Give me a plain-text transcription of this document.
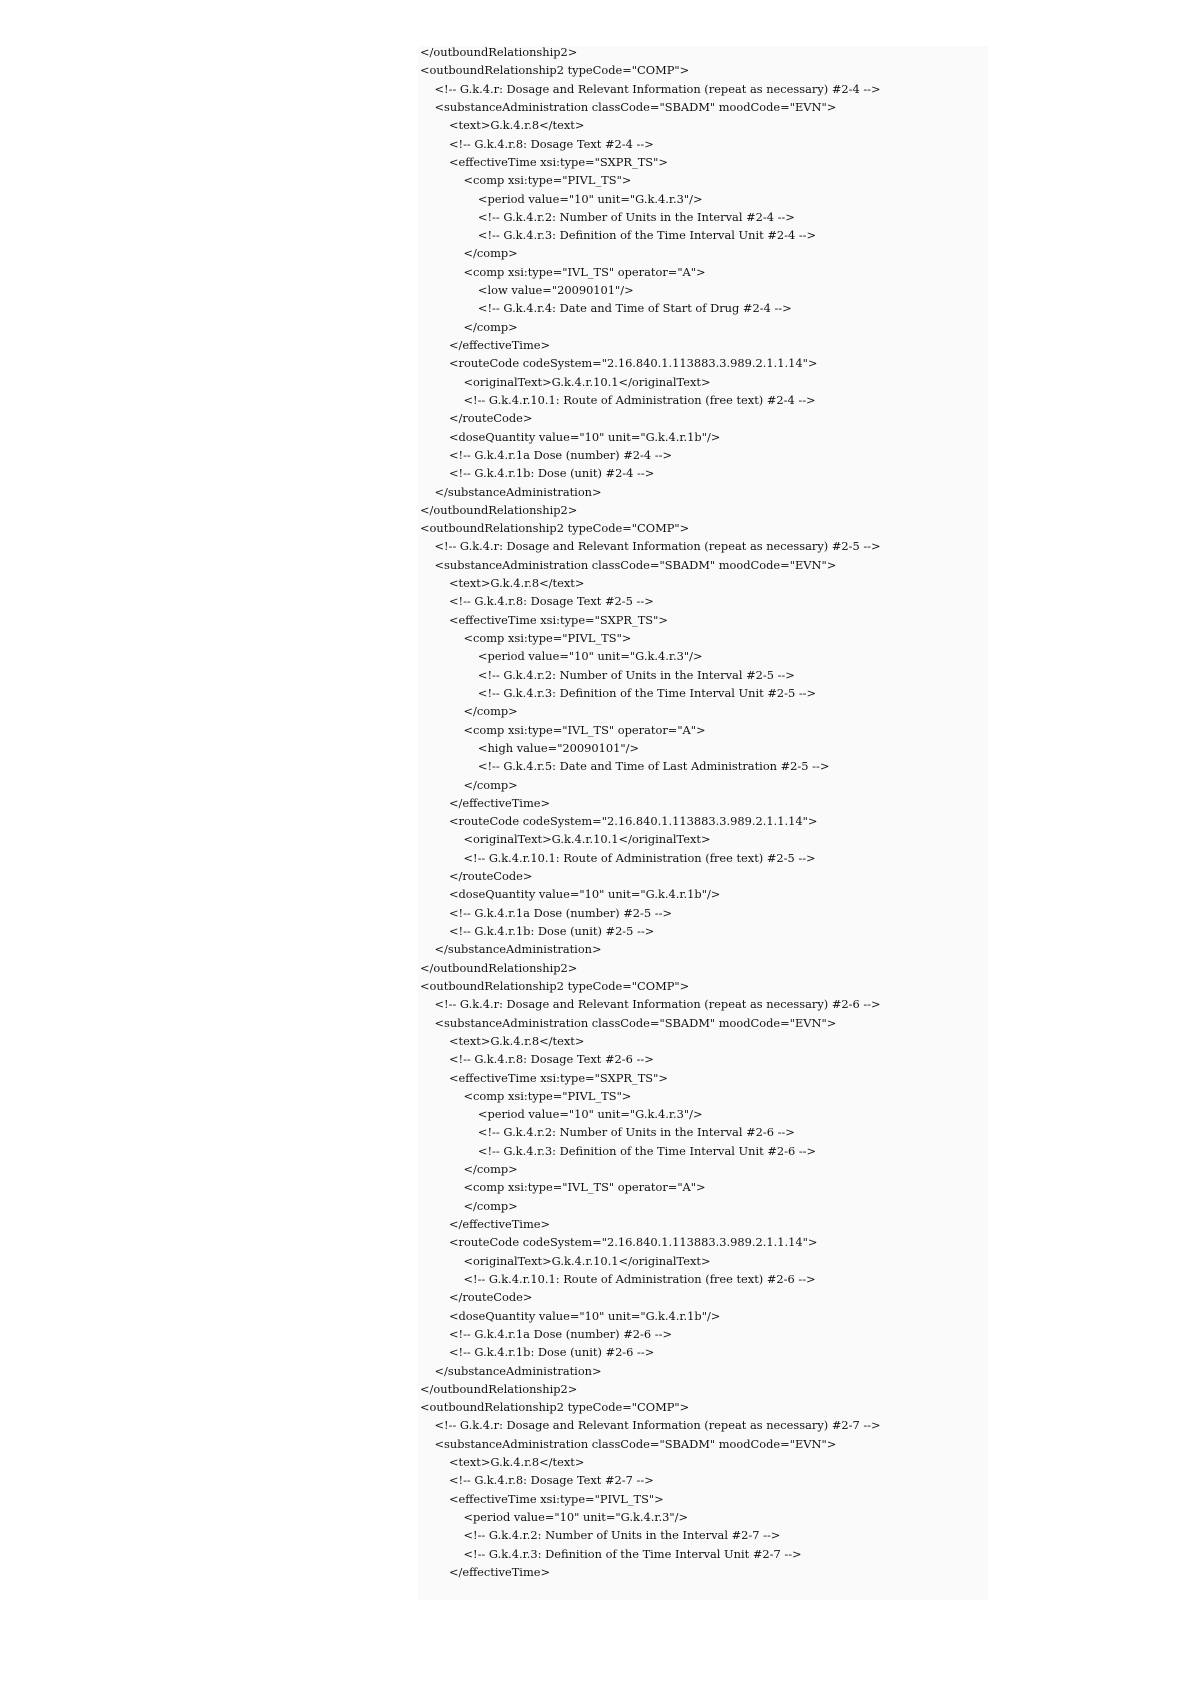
</outboundRelationship2>
<outboundRelationship2 typeCode="COMP">
<!-- G.k.4.r: Dosage and Relevant Information (repeat as necessary) #2-4 -->
<substanceAdministration classCode="SBADM" moodCode="EVN">
<text>G.k.4.r.8</text>
<!-- G.k.4.r.8: Dosage Text #2-4 -->
<effectiveTime xsi:type="SXPR_TS">
<comp xsi:type="PIVL_TS">
<period value="10" unit="G.k.4.r.3"/>
<!-- G.k.4.r.2: Number of Units in the Interval #2-4 -->
<!-- G.k.4.r.3: Definition of the Time Interval Unit #2-4 -->
</comp>
<comp xsi:type="IVL_TS" operator="A">
<low value="20090101"/>
<!-- G.k.4.r.4: Date and Time of Start of Drug #2-4 -->
</comp>
</effectiveTime>
<routeCode codeSystem="2.16.840.1.113883.3.989.2.1.1.14">
<originalText>G.k.4.r.10.1</originalText>
<!-- G.k.4.r.10.1: Route of Administration (free text) #2-4 -->
</routeCode>
<doseQuantity value="10" unit="G.k.4.r.1b"/>
<!-- G.k.4.r.1a Dose (number) #2-4 -->
<!-- G.k.4.r.1b: Dose (unit) #2-4 -->
</substanceAdministration>
</outboundRelationship2>
<outboundRelationship2 typeCode="COMP">
<!-- G.k.4.r: Dosage and Relevant Information (repeat as necessary) #2-5 -->
<substanceAdministration classCode="SBADM" moodCode="EVN">
<text>G.k.4.r.8</text>
<!-- G.k.4.r.8: Dosage Text #2-5 -->
<effectiveTime xsi:type="SXPR_TS">
<comp xsi:type="PIVL_TS">
<period value="10" unit="G.k.4.r.3"/>
<!-- G.k.4.r.2: Number of Units in the Interval #2-5 -->
<!-- G.k.4.r.3: Definition of the Time Interval Unit #2-5 -->
</comp>
<comp xsi:type="IVL_TS" operator="A">
<high value="20090101"/>
<!-- G.k.4.r.5: Date and Time of Last Administration #2-5 -->
</comp>
</effectiveTime>
<routeCode codeSystem="2.16.840.1.113883.3.989.2.1.1.14">
<originalText>G.k.4.r.10.1</originalText>
<!-- G.k.4.r.10.1: Route of Administration (free text) #2-5 -->
</routeCode>
<doseQuantity value="10" unit="G.k.4.r.1b"/>
<!-- G.k.4.r.1a Dose (number) #2-5 -->
<!-- G.k.4.r.1b: Dose (unit) #2-5 -->
</substanceAdministration>
</outboundRelationship2>
<outboundRelationship2 typeCode="COMP">
<!-- G.k.4.r: Dosage and Relevant Information (repeat as necessary) #2-6 -->
<substanceAdministration classCode="SBADM" moodCode="EVN">
<text>G.k.4.r.8</text>
<!-- G.k.4.r.8: Dosage Text #2-6 -->
<effectiveTime xsi:type="SXPR_TS">
<comp xsi:type="PIVL_TS">
<period value="10" unit="G.k.4.r.3"/>
<!-- G.k.4.r.2: Number of Units in the Interval #2-6 -->
<!-- G.k.4.r.3: Definition of the Time Interval Unit #2-6 -->
</comp>
<comp xsi:type="IVL_TS" operator="A">
</comp>
</effectiveTime>
<routeCode codeSystem="2.16.840.1.113883.3.989.2.1.1.14">
<originalText>G.k.4.r.10.1</originalText>
<!-- G.k.4.r.10.1: Route of Administration (free text) #2-6 -->
</routeCode>
<doseQuantity value="10" unit="G.k.4.r.1b"/>
<!-- G.k.4.r.1a Dose (number) #2-6 -->
<!-- G.k.4.r.1b: Dose (unit) #2-6 -->
</substanceAdministration>
</outboundRelationship2>
<outboundRelationship2 typeCode="COMP">
<!-- G.k.4.r: Dosage and Relevant Information (repeat as necessary) #2-7 -->
<substanceAdministration classCode="SBADM" moodCode="EVN">
<text>G.k.4.r.8</text>
<!-- G.k.4.r.8: Dosage Text #2-7 -->
<effectiveTime xsi:type="PIVL_TS">
<period value="10" unit="G.k.4.r.3"/>
<!-- G.k.4.r.2: Number of Units in the Interval #2-7 -->
<!-- G.k.4.r.3: Definition of the Time Interval Unit #2-7 -->
</effectiveTime>
